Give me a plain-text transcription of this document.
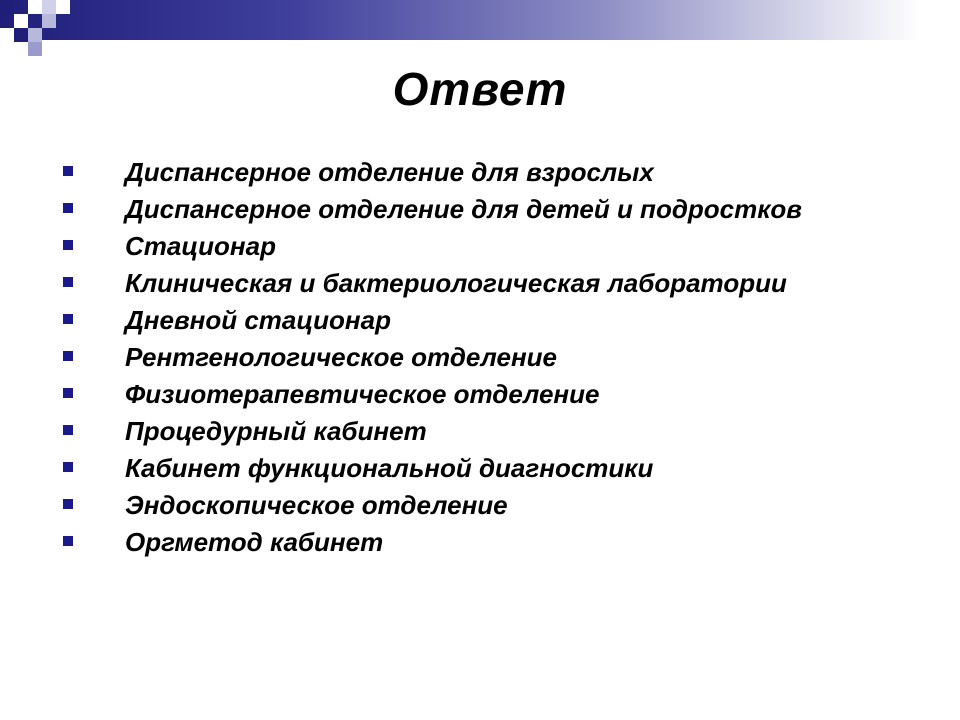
Ответ
Диспансерное отделение для взрослых
Диспансерное отделение для детей и подростков
Стационар
Клиническая и бактериологическая лаборатории
Дневной стационар
Рентгенологическое отделение
Физиотерапевтическое отделение
Процедурный кабинет
Кабинет функциональной диагностики
Эндоскопическое отделение
Оргметод кабинет
